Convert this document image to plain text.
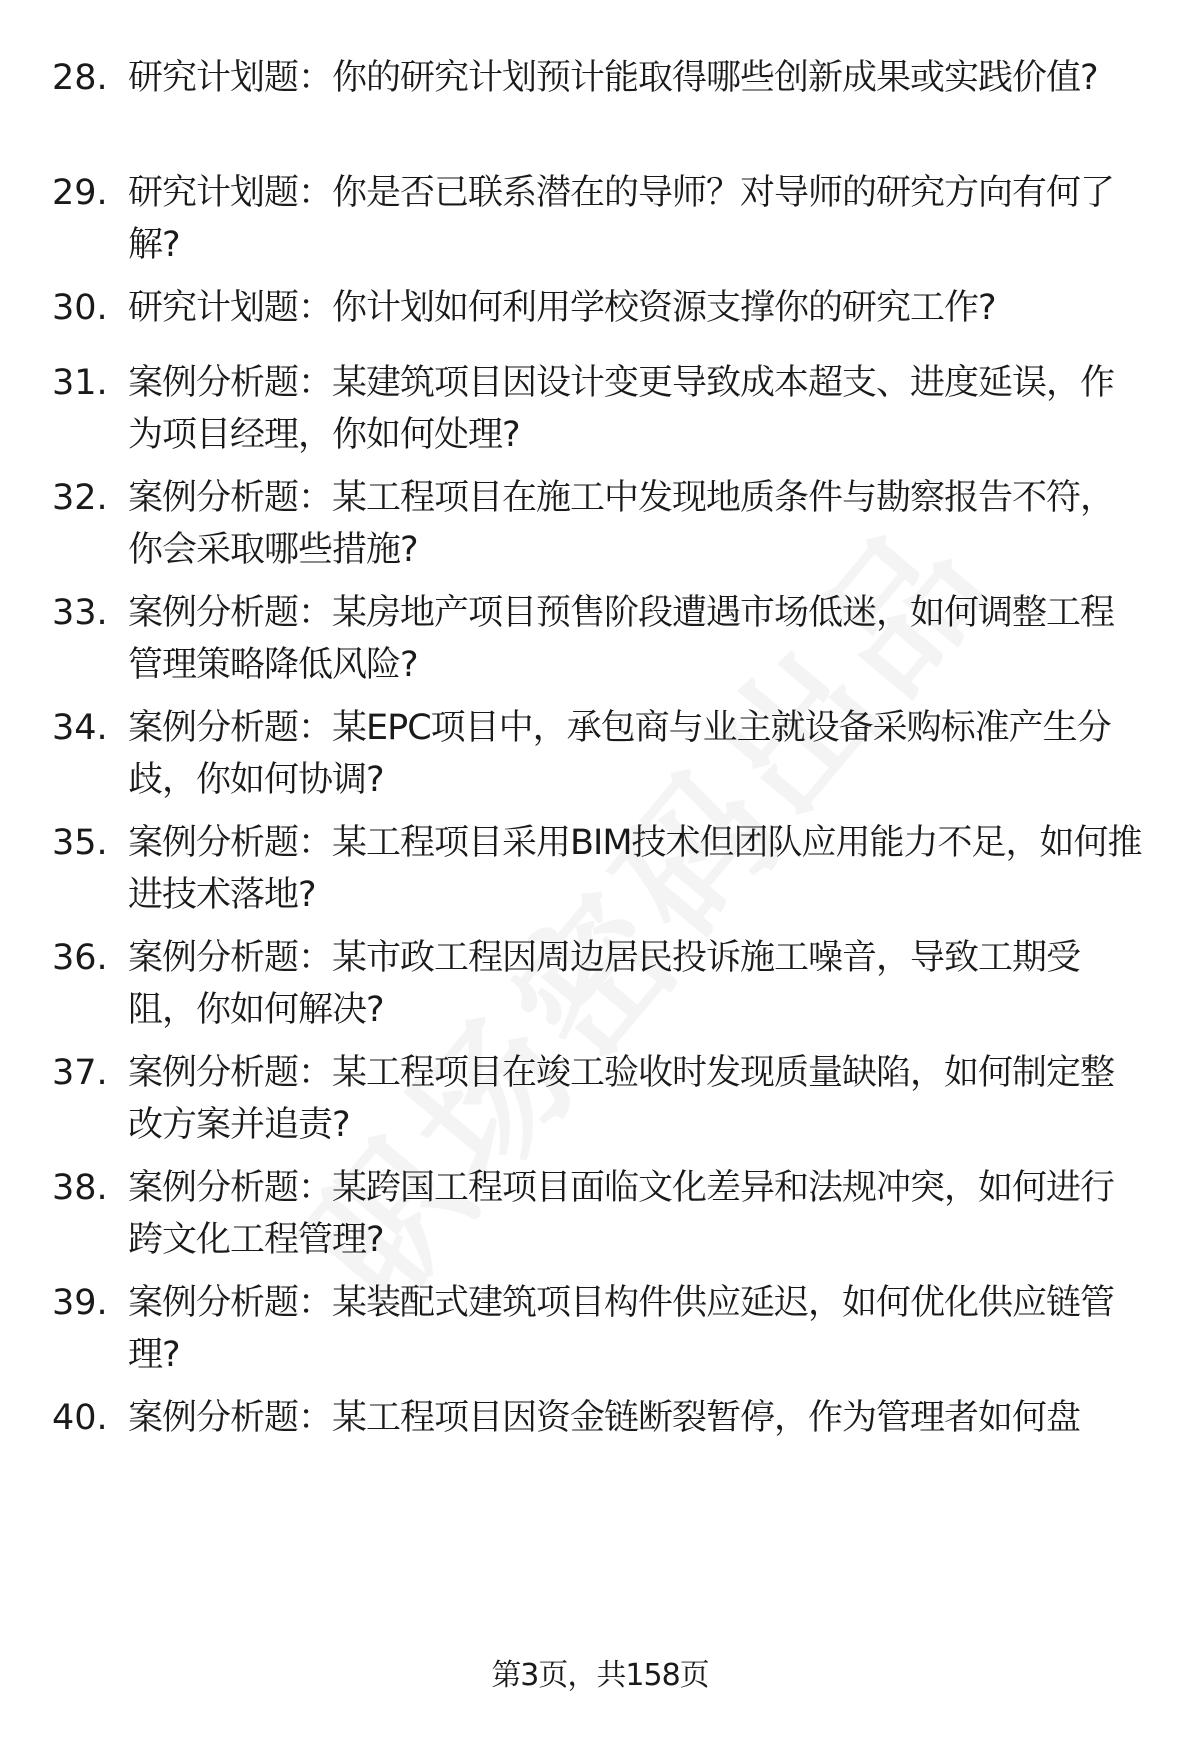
28. 研究计划题：你的研究计划预计能取得哪些创新成果或实践价值?
29. 研究计划题：你是否已联系潜在的导师？对导师的研究方向有何了解?
30. 研究计划题：你计划如何利用学校资源支撑你的研究工作?
31. 案例分析题：某建筑项目因设计变更导致成本超支、进度延误，作为项目经理，你如何处理?
32. 案例分析题：某工程项目在施工中发现地质条件与勘察报告不符，你会采取哪些措施?
33. 案例分析题：某房地产项目预售阶段遭遇市场低迷，如何调整工程管理策略降低风险?
34. 案例分析题：某EPC项目中，承包商与业主就设备采购标准产生分歧，你如何协调?
35. 案例分析题：某工程项目采用BIM技术但团队应用能力不足，如何推进技术落地?
36. 案例分析题：某市政工程因周边居民投诉施工噪音，导致工期受阻，你如何解决?
37. 案例分析题：某工程项目在竣工验收时发现质量缺陷，如何制定整改方案并追责?
38. 案例分析题：某跨国工程项目面临文化差异和法规冲突，如何进行跨文化工程管理?
39. 案例分析题：某装配式建筑项目构件供应延迟，如何优化供应链管理?
40. 案例分析题：某工程项目因资金链断裂暂停，作为管理者如何盘
第3页，共158页
